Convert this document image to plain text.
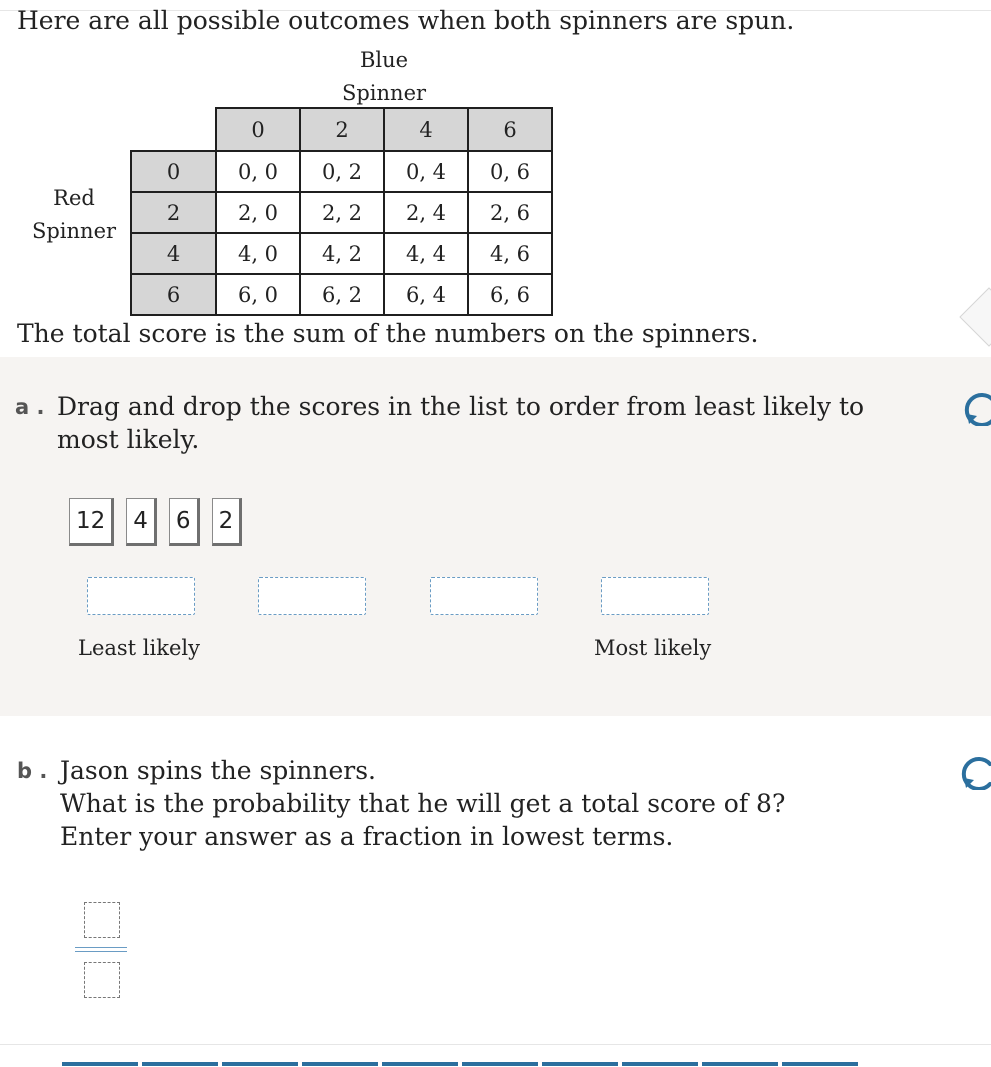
Here are all possible outcomes when both spinners are spun.
Blue
Spinner
Red
Spinner
	0	2	4	6
0	0, 0	0, 2	0, 4	0, 6
2	2, 0	2, 2	2, 4	2, 6
4	4, 0	4, 2	4, 4	4, 6
6	6, 0	6, 2	6, 4	6, 6
The total score is the sum of the numbers on the spinners.
a . Drag and drop the scores in the list to order from least likely to
most likely.
12	4	6	2
Least likely	Most likely
b . Jason spins the spinners.
What is the probability that he will get a total score of 8?
Enter your answer as a fraction in lowest terms.
